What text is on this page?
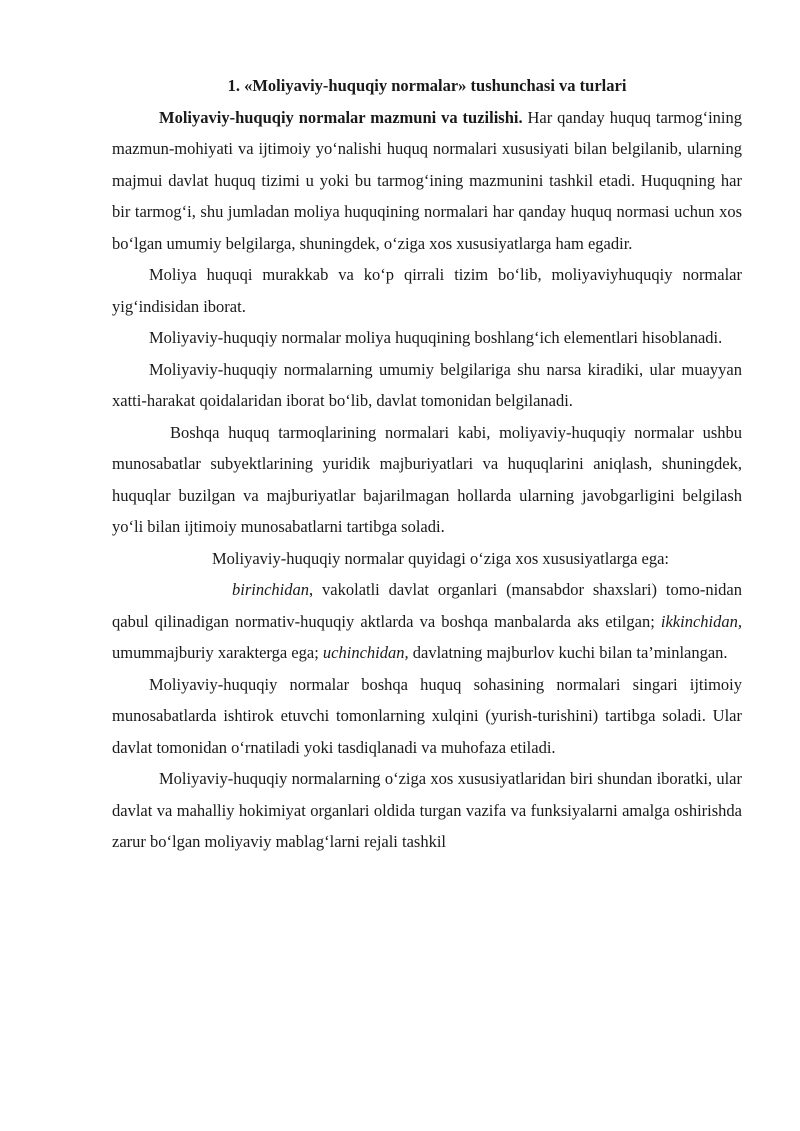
1. «Moliyaviy-huquqiy normalar» tushunchasi va turlari

Moliyaviy-huquqiy normalar mazmuni va tuzilishi. Har qanday huquq tarmog‘ining mazmun-mohiyati va ijtimoiy yo‘nalishi huquq normalari xususiyati bilan belgilanib, ularning majmui davlat huquq tizimi u yoki bu tarmog‘ining mazmunini tashkil etadi. Huquqning har bir tarmog‘i, shu jumladan moliya huquqining normalari har qanday huquq normasi uchun xos bo‘lgan umumiy belgilarga, shuningdek, o‘ziga xos xususiyatlarga ham egadir.

Moliya huquqi murakkab va ko‘p qirrali tizim bo‘lib, moliyaviyhuquqiy normalar yig‘indisidan iborat.

Moliyaviy-huquqiy normalar moliya huquqining boshlang‘ich elementlari hisoblanadi.

Moliyaviy-huquqiy normalarning umumiy belgilariga shu narsa kiradiki, ular muayyan xatti-harakat qoidalaridan iborat bo‘lib, davlat tomonidan belgilanadi.

Boshqa huquq tarmoqlarining normalari kabi, moliyaviy-huquqiy normalar ushbu munosabatlar subyektlarining yuridik majburiyatlari va huquqlarini aniqlash, shuningdek, huquqlar buzilgan va majburiyatlar bajarilmagan hollarda ularning javobgarligini belgilash yo‘li bilan ijtimoiy munosabatlarni tartibga soladi.

Moliyaviy-huquqiy normalar quyidagi o‘ziga xos xususiyatlarga ega:

birinchidan, vakolatli davlat organlari (mansabdor shaxslari) tomo-nidan qabul qilinadigan normativ-huquqiy aktlarda va boshqa manbalarda aks etilgan; ikkinchidan, umummajburiy xarakterga ega; uchinchidan, davlatning majburlov kuchi bilan ta’minlangan.

Moliyaviy-huquqiy normalar boshqa huquq sohasining normalari singari ijtimoiy munosabatlarda ishtirok etuvchi tomonlarning xulqini (yurish-turishini) tartibga soladi. Ular davlat tomonidan o‘rnatiladi yoki tasdiqlanadi va muhofaza etiladi.

Moliyaviy-huquqiy normalarning o‘ziga xos xususiyatlaridan biri shundan iboratki, ular davlat va mahalliy hokimiyat organlari oldida turgan vazifa va funksiyalarni amalga oshirishda zarur bo‘lgan moliyaviy mablag‘larni rejali tashkil
